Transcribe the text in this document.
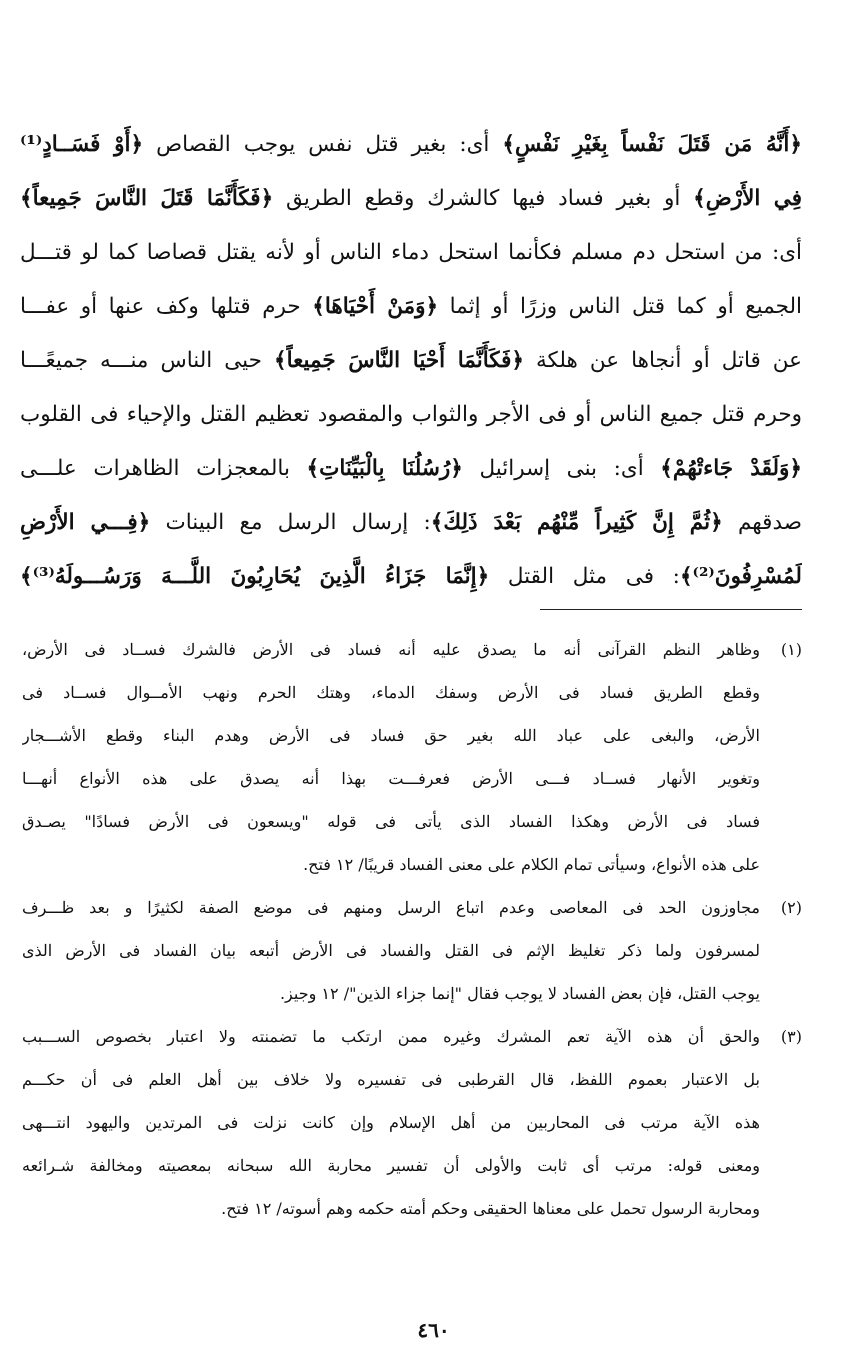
﴿أَنَّهُ مَن قَتَلَ نَفْساً بِغَيْرِ نَفْسٍ﴾ أى: بغير قتل نفس يوجب القصاص ﴿أَوْ فَسَــادٍ⁽¹⁾
فِي الأَرْضِ﴾ أو بغير فساد فيها كالشرك وقطع الطريق ﴿فَكَأَنَّمَا قَتَلَ النَّاسَ جَمِيعاً﴾
أى: من استحل دم مسلم فكأنما استحل دماء الناس أو لأنه يقتل قصاصا كما لو قتـــل
الجميع أو كما قتل الناس وزرًا أو إثما ﴿وَمَنْ أَحْيَاهَا﴾ حرم قتلها وكف عنها أو عفـــا
عن قاتل أو أنجاها عن هلكة ﴿فَكَأَنَّمَا أَحْيَا النَّاسَ جَمِيعاً﴾ حيى الناس منـــه جميعًـــا
وحرم قتل جميع الناس أو فى الأجر والثواب والمقصود تعظيم القتل والإحياء فى القلوب
﴿وَلَقَدْ جَاءتْهُمْ﴾ أى: بنى إسرائيل ﴿رُسُلُنَا بِالْبَيِّنَاتِ﴾ بالمعجزات الظاهرات علـــى
صدقهم ﴿ثُمَّ إِنَّ كَثِيراً مِّنْهُم بَعْدَ ذَلِكَ﴾: إرسال الرسل مع البينات ﴿فِـــي الأَرْضِ
لَمُسْرِفُونَ⁽²⁾﴾: فى مثل القتل ﴿إِنَّمَا جَزَاءُ الَّذِينَ يُحَارِبُونَ اللَّـــهَ وَرَسُـــولَهُ⁽³⁾﴾
(١)وظاهر النظم القرآنى أنه ما يصدق عليه أنه فساد فى الأرض فالشرك فســاد فى الأرض،
وقطع الطريق فساد فى الأرض وسفك الدماء، وهتك الحرم ونهب الأمــوال فســاد فى
الأرض، والبغى على عباد الله بغير حق فساد فى الأرض وهدم البناء وقطع الأشـــجار
وتغوير الأنهار فســاد فـــى الأرض فعرفـــت بهذا أنه يصدق على هذه الأنواع أنهـــا
فساد فى الأرض وهكذا الفساد الذى يأتى فى قوله "ويسعون فى الأرض فسادًا" يصـدق
على هذه الأنواع، وسيأتى تمام الكلام على معنى الفساد قريبًا/ ١٢ فتح.
(٢)مجاوزون الحد فى المعاصى وعدم اتباع الرسل ومنهم فى موضع الصفة لكثيرًا و بعد ظـــرف
لمسرفون ولما ذكر تغليظ الإثم فى القتل والفساد فى الأرض أتبعه بيان الفساد فى الأرض الذى
يوجب القتل، فإن بعض الفساد لا يوجب فقال "إنما جزاء الذين"/ ١٢ وجيز.
(٣)والحق أن هذه الآية تعم المشرك وغيره ممن ارتكب ما تضمنته ولا اعتبار بخصوص الســـبب
بل الاعتبار بعموم اللفظ، قال القرطبى فى تفسيره ولا خلاف بين أهل العلم فى أن حكـــم
هذه الآية مرتب فى المحاربين من أهل الإسلام وإن كانت نزلت فى المرتدين واليهود انتـــهى
ومعنى قوله: مرتب أى ثابت والأولى أن تفسير محاربة الله سبحانه بمعصيته ومخالفة شـرائعه
ومحاربة الرسول تحمل على معناها الحقيقى وحكم أمته حكمه وهم أسوته/ ١٢ فتح.
٤٦٠
